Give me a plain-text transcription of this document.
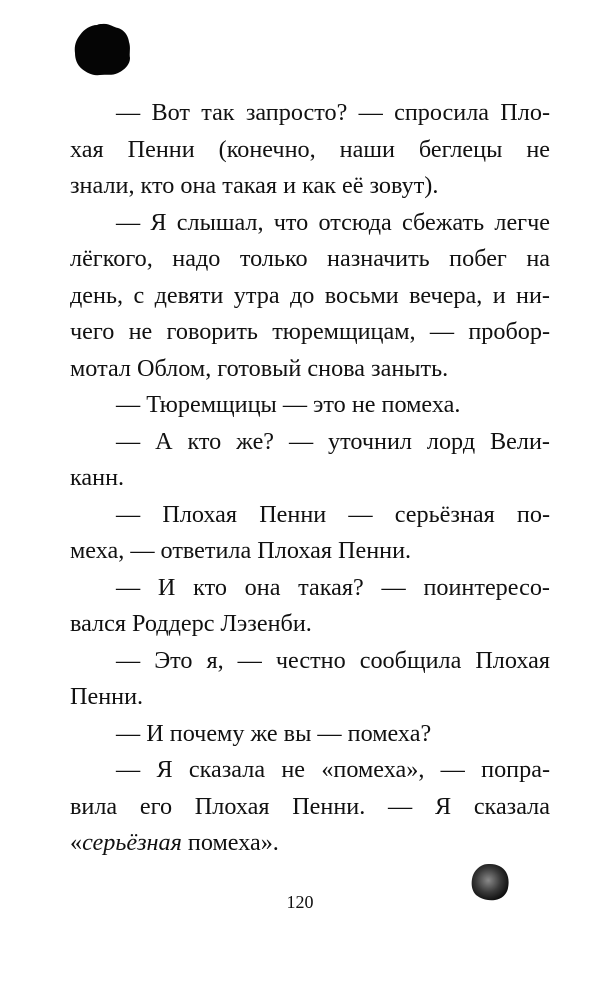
— Вот так запросто? — спросила Пло-
хая Пенни (конечно, наши беглецы не
знали, кто она такая и как её зовут).

— Я слышал, что отсюда сбежать легче
лёгкого, надо только назначить побег на
день, с девяти утра до восьми вечера, и ни-
чего не говорить тюремщицам, — пробор-
мотал Облом, готовый снова заныть.

— Тюремщицы — это не помеха.

— А кто же? — уточнил лорд Вели-
канн.

— Плохая Пенни — серьёзная по-
меха, — ответила Плохая Пенни.

— И кто она такая? — поинтересо-
вался Роддерс Лэзенби.

— Это я, — честно сообщила Плохая
Пенни.

— И почему же вы — помеха?

— Я сказала не «помеха», — попра-
вила его Плохая Пенни. — Я сказала
«серьёзная помеха».

120
